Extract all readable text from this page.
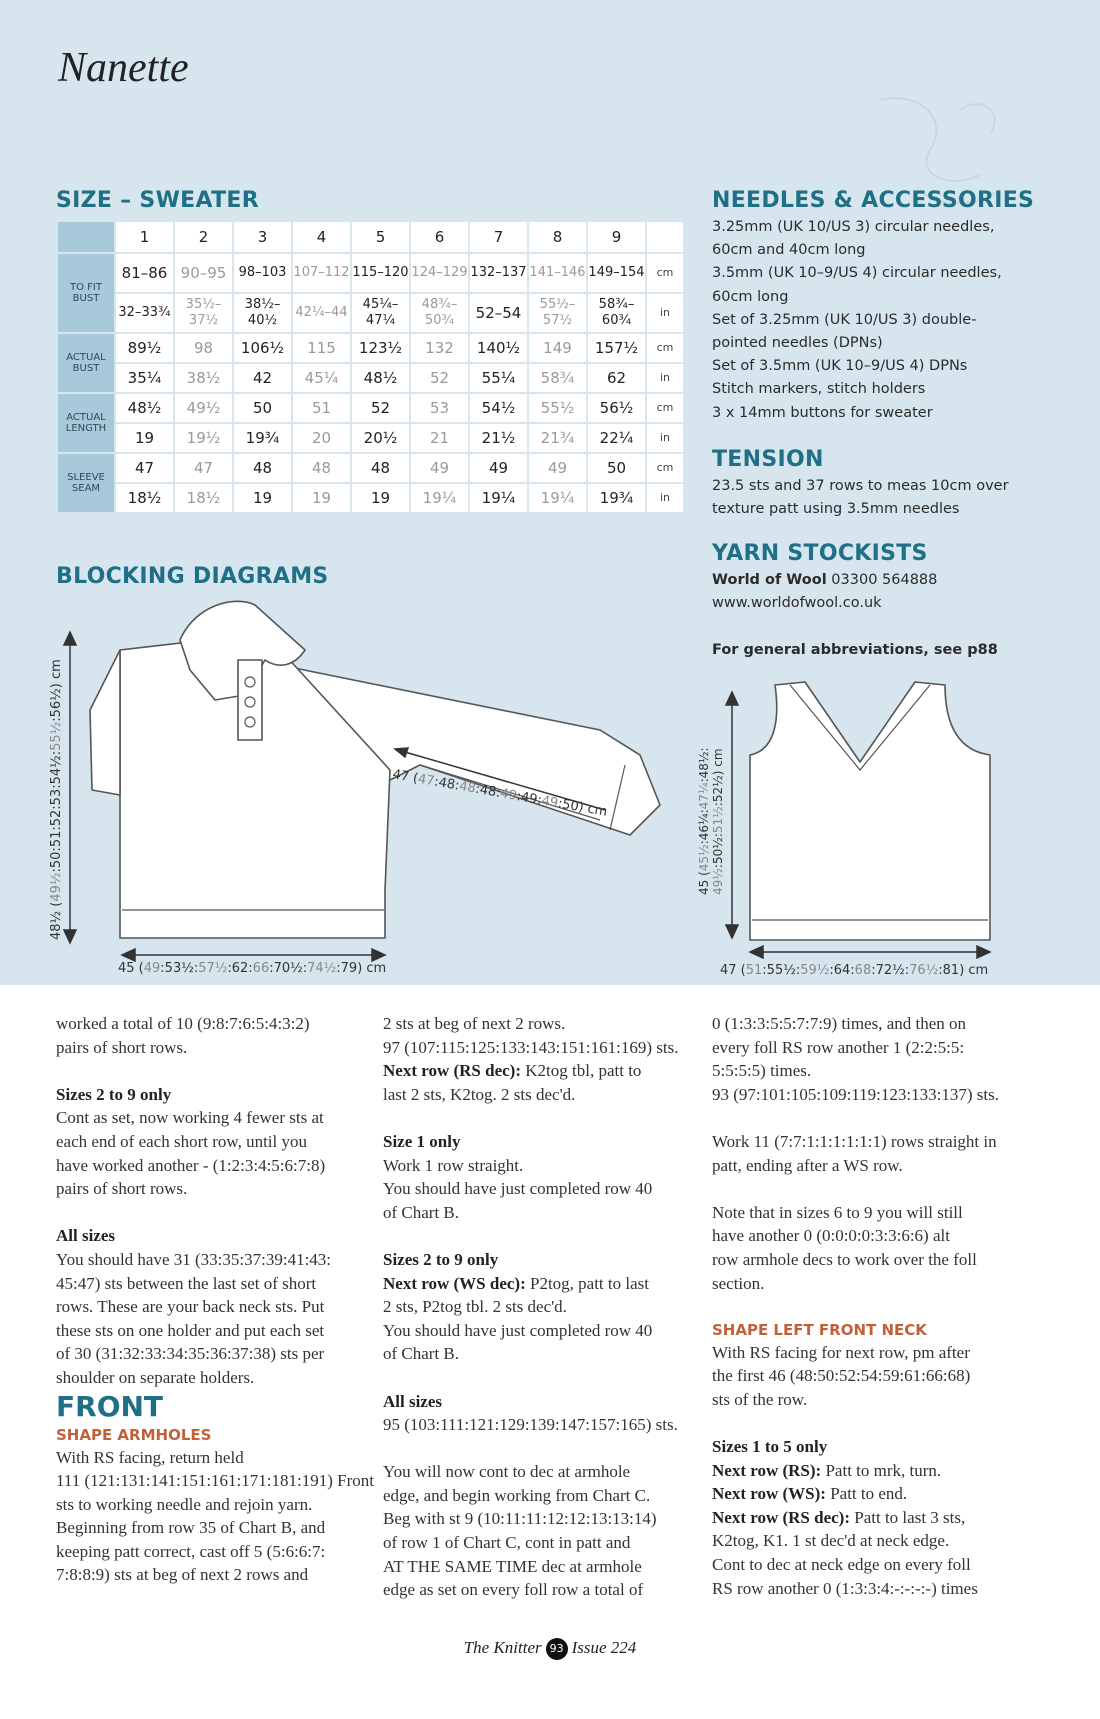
Nanette
SIZE – SWEATER
	1	2	3	4	5	6	7	8	9	
TO FIT BUST	81–86	90–95	98–103	107–112	115–120	124–129	132–137	141–146	149–154	cm
	32–33¾	35½–37½	38½–40½	42¼–44	45¼–47¼	48¾–50¾	52–54	55½–57½	58¾–60¾	in
ACTUAL BUST	89½	98	106½	115	123½	132	140½	149	157½	cm
	35¼	38½	42	45¼	48½	52	55¼	58¾	62	in
ACTUAL LENGTH	48½	49½	50	51	52	53	54½	55½	56½	cm
	19	19½	19¾	20	20½	21	21½	21¾	22¼	in
SLEEVE SEAM	47	47	48	48	48	49	49	49	50	cm
	18½	18½	19	19	19	19¼	19¼	19¼	19¾	in
NEEDLES & ACCESSORIES
3.25mm (UK 10/US 3) circular needles,
60cm and 40cm long
3.5mm (UK 10–9/US 4) circular needles,
60cm long
Set of 3.25mm (UK 10/US 3) double-
pointed needles (DPNs)
Set of 3.5mm (UK 10–9/US 4) DPNs
Stitch markers, stitch holders
3 x 14mm buttons for sweater
TENSION
23.5 sts and 37 rows to meas 10cm over
texture patt using 3.5mm needles
YARN STOCKISTS
World of Wool 03300 564888
www.worldofwool.co.uk
For general abbreviations, see p88
BLOCKING DIAGRAMS
48½ (49½:50:51:52:53:54½:55½:56½) cm
45 (49:53½:57½:62:66:70½:74½:79) cm
47 (47:48:48:48:49:49:49:50) cm
45 (45½:46¼:47¼:48½:
49½:50½:51½:52½) cm
47 (51:55½:59½:64:68:72½:76½:81) cm

worked a total of 10 (9:8:7:6:5:4:3:2)

pairs of short rows.

Sizes 2 to 9 only

Cont as set, now working 4 fewer sts at

each end of each short row, until you

have worked another - (1:2:3:4:5:6:7:8)

pairs of short rows.

All sizes

You should have 31 (33:35:37:39:41:43:

45:47) sts between the last set of short

rows. These are your back neck sts. Put

these sts on one holder and put each set

of 30 (31:32:33:34:35:36:37:38) sts per

shoulder on separate holders.

FRONT
SHAPE ARMHOLES

With RS facing, return held

111 (121:131:141:151:161:171:181:191) Front

sts to working needle and rejoin yarn.

Beginning from row 35 of Chart B, and

keeping patt correct, cast off 5 (5:6:6:7:

7:8:8:9) sts at beg of next 2 rows and

2 sts at beg of next 2 rows.

97 (107:115:125:133:143:151:161:169) sts.

Next row (RS dec): K2tog tbl, patt to

last 2 sts, K2tog. 2 sts dec'd.

Size 1 only

Work 1 row straight.

You should have just completed row 40

of Chart B.

Sizes 2 to 9 only

Next row (WS dec): P2tog, patt to last

2 sts, P2tog tbl. 2 sts dec'd.

You should have just completed row 40

of Chart B.

All sizes

95 (103:111:121:129:139:147:157:165) sts.

You will now cont to dec at armhole

edge, and begin working from Chart C.

Beg with st 9 (10:11:11:12:12:13:13:14)

of row 1 of Chart C, cont in patt and

AT THE SAME TIME dec at armhole

edge as set on every foll row a total of

0 (1:3:3:5:5:7:7:9) times, and then on

every foll RS row another 1 (2:2:5:5:

5:5:5:5) times.

93 (97:101:105:109:119:123:133:137) sts.

Work 11 (7:7:1:1:1:1:1:1) rows straight in

patt, ending after a WS row.

Note that in sizes 6 to 9 you will still

have another 0 (0:0:0:0:3:3:6:6) alt

row armhole decs to work over the foll

section.

SHAPE LEFT FRONT NECK

With RS facing for next row, pm after

the first 46 (48:50:52:54:59:61:66:68)

sts of the row.

Sizes 1 to 5 only

Next row (RS): Patt to mrk, turn.

Next row (WS): Patt to end.

Next row (RS dec): Patt to last 3 sts,

K2tog, K1. 1 st dec'd at neck edge.

Cont to dec at neck edge on every foll

RS row another 0 (1:3:3:4:-:-:-:-) times

The Knitter 93 Issue 224
